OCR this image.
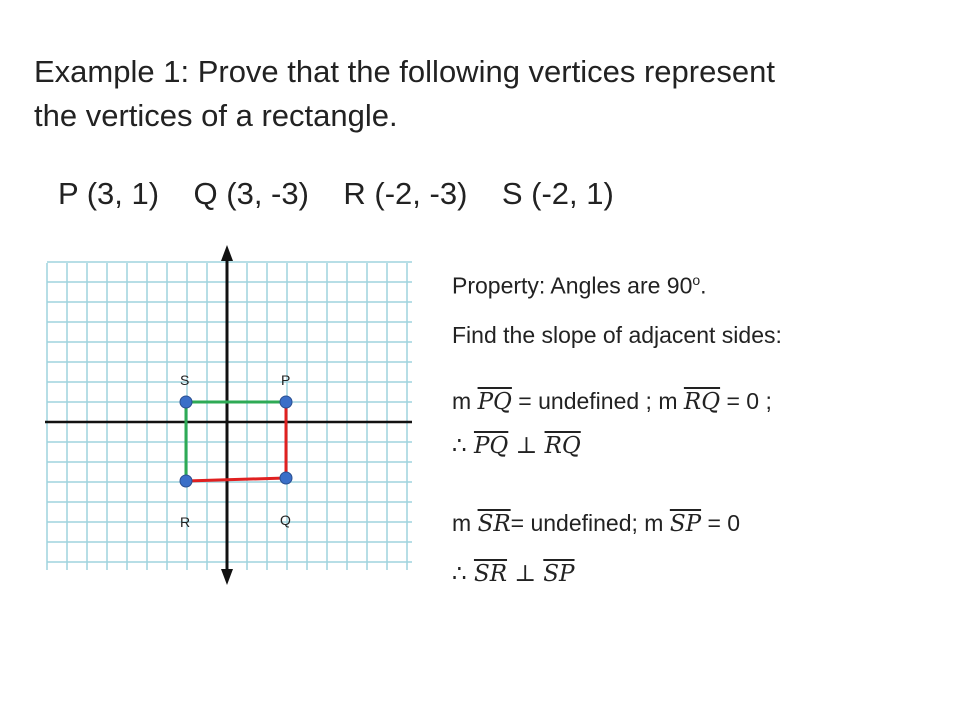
Example 1: Prove that the following vertices represent
the vertices of a rectangle.
P (3, 1)    Q (3, -3)    R (-2, -3)    S (-2, 1)
S	P
R	Q
Property: Angles are 90$^o$.
Find the slope of adjacent sides:
m $\overline{PQ}$ = undefined ; m $\overline{RQ} = 0$ ;
∴ $\overline{PQ}$ ⊥ $\overline{RQ}$
m $\overline{SR}=$ undefined; m $\overline{SP} = 0$
∴ $\overline{SR}$ ⊥ $\overline{SP}$
